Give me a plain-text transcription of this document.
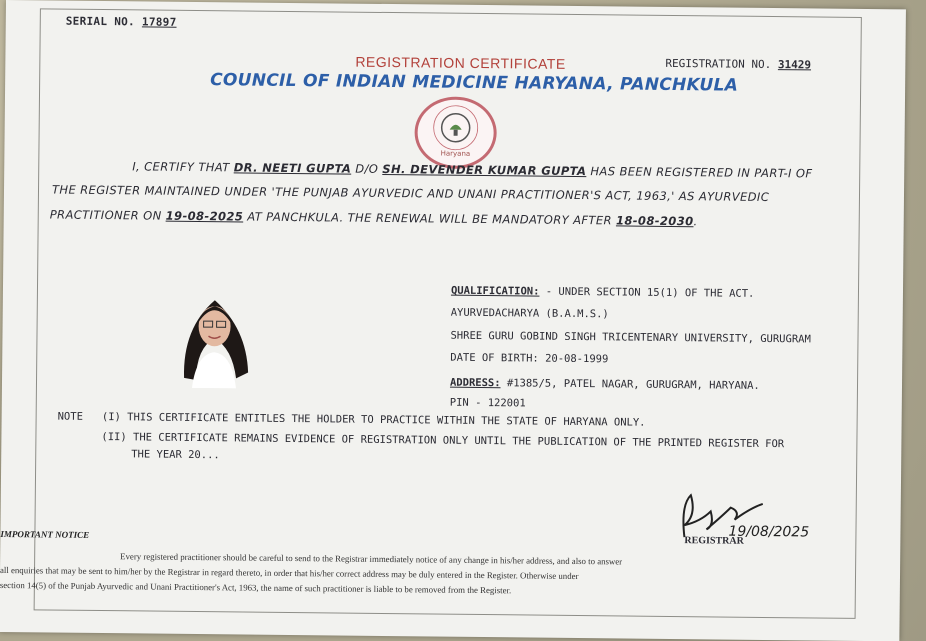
SERIAL NO. 17897
REGISTRATION CERTIFICATE	REGISTRATION NO. 31429
COUNCIL OF INDIAN MEDICINE HARYANA, PANCHKULA
Haryana
I, CERTIFY THAT DR. NEETI GUPTA D/O SH. DEVENDER KUMAR GUPTA HAS BEEN REGISTERED IN PART-I OF
THE REGISTER MAINTAINED UNDER 'THE PUNJAB AYURVEDIC AND UNANI PRACTITIONER'S ACT, 1963,' AS AYURVEDIC
PRACTITIONER ON 19-08-2025 AT PANCHKULA. THE RENEWAL WILL BE MANDATORY AFTER 18-08-2030.
QUALIFICATION: - UNDER SECTION 15(1) OF THE ACT.
AYURVEDACHARYA (B.A.M.S.)
SHREE GURU GOBIND SINGH TRICENTENARY UNIVERSITY, GURUGRAM
DATE OF BIRTH: 20-08-1999
ADDRESS: #1385/5, PATEL NAGAR, GURUGRAM, HARYANA.
PIN - 122001
NOTE (I) THIS CERTIFICATE ENTITLES THE HOLDER TO PRACTICE WITHIN THE STATE OF HARYANA ONLY.
(II) THE CERTIFICATE REMAINS EVIDENCE OF REGISTRATION ONLY UNTIL THE PUBLICATION OF THE PRINTED REGISTER FOR
THE YEAR 20...
19/08/2025
REGISTRAR
IMPORTANT NOTICE
Every registered practitioner should be careful to send to the Registrar immediately notice of any change in his/her address, and also to answer
all enquiries that may be sent to him/her by the Registrar in regard thereto, in order that his/her correct address may be duly entered in the Register. Otherwise under
section 14(5) of the Punjab Ayurvedic and Unani Practitioner's Act, 1963, the name of such practitioner is liable to be removed from the Register.
